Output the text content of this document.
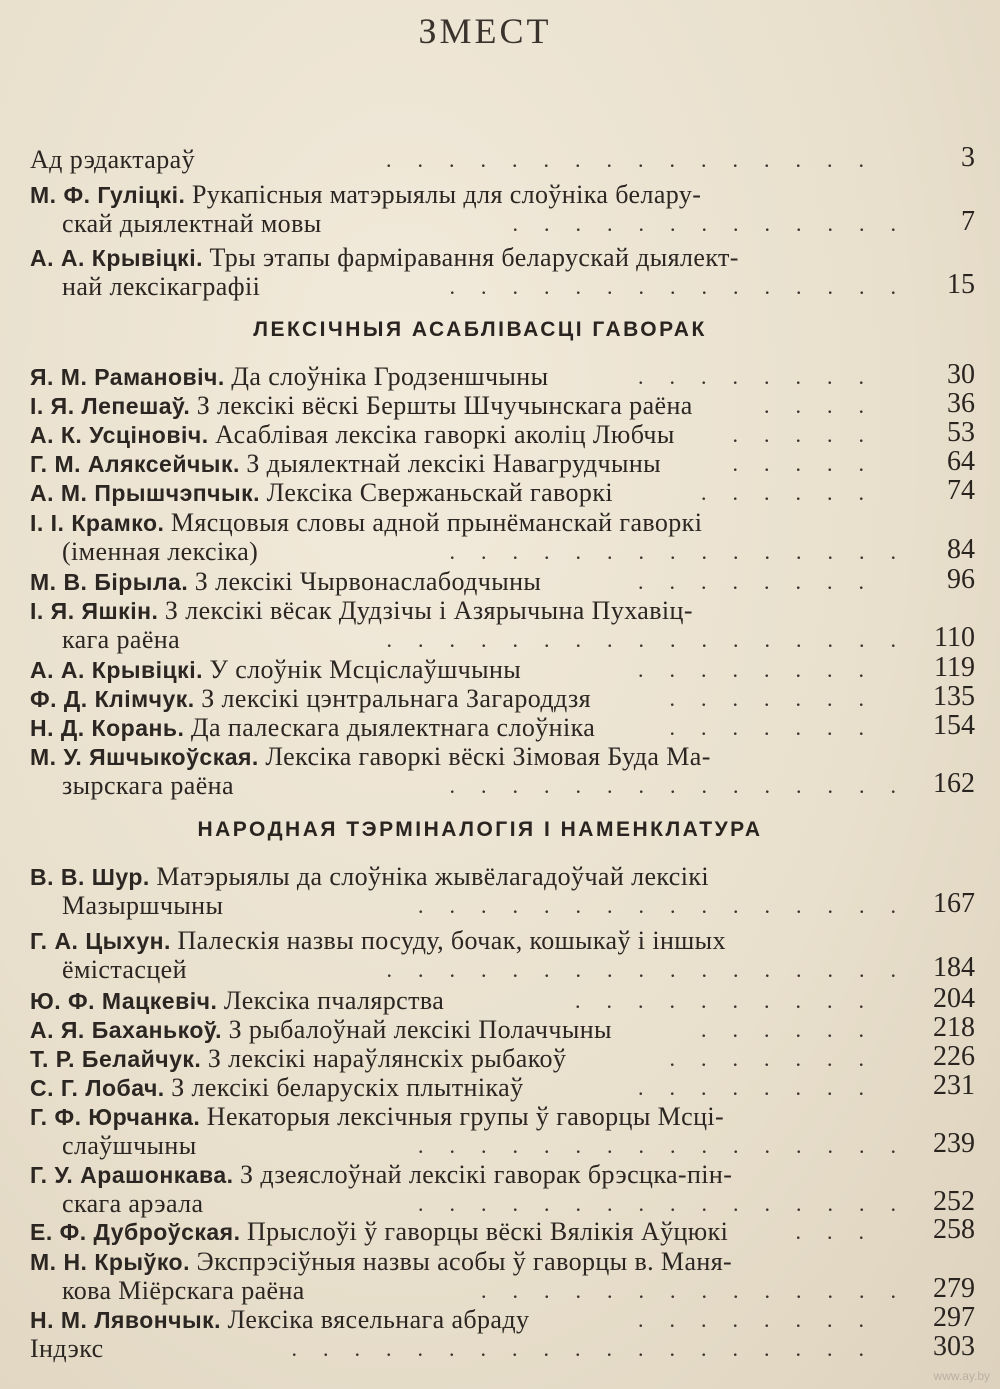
ЗМЕСТ
Ад рэдактараў	................	3
М. Ф. Гуліцкі. Рукапісныя матэрыялы для слоўніка белару-
скай дыялектнай мовы	.............	7
А. А. Крывіцкі. Тры этапы фарміравання беларускай дыялект-
най лексікаграфіі	............... 15
ЛЕКСІЧНЫЯ АСАБЛІВАСЦІ ГАВОРАК
Я. М. Рамановіч. Да слоўніка Гродзеншчыны	........	30
І. Я. Лепешаў. З лексікі вёскі Бершты Шчучынскага раёна	....	36
А. К. Усціновіч. Асаблівая лексіка гаворкі аколіц Любчы	.....	53
Г. М. Аляксейчык. З дыялектнай лексікі Навагрудчыны	.....	64
А. М. Прышчэпчык. Лексіка Свержаньскай гаворкі	......	74
І. І. Крамко. Мясцовыя словы адной прынёманскай гаворкі
(іменная лексіка)	............... 84
М. В. Бірыла. З лексікі Чырвонаслабодчыны	........	96
І. Я. Яшкін. З лексікі вёсак Дудзічы і Азярычына Пухавіц-
кага раёна	................. 110
А. А. Крывіцкі. У слоўнік Мсціслаўшчыны	........	119
Ф. Д. Клімчук. З лексікі цэнтральнага Загароддзя	.......	135
Н. Д. Корань. Да палескага дыялектнага слоўніка	.......	154
М. У. Яшчыкоўская. Лексіка гаворкі вёскі Зімовая Буда Ма-
зырскага раёна	............... 162
НАРОДНАЯ ТЭРМІНАЛОГІЯ І НАМЕНКЛАТУРА
В. В. Шур. Матэрыялы да слоўніка жывёлагадоўчай лексікі
Мазыршчыны	................ 167
Г. А. Цыхун. Палескія назвы посуду, бочак, кошыкаў і іншых
ёмістасцей	................. 184
Ю. Ф. Мацкевіч. Лексіка пчалярства	..........	204
А. Я. Баханькоў. З рыбалоўнай лексікі Полаччыны	......	218
Т. Р. Белайчук. З лексікі нараўлянскіх рыбакоў	.......	226
С. Г. Лобач. З лексікі беларускіх плытнікаў	........	231
Г. Ф. Юрчанка. Некаторыя лексічныя групы ў гаворцы Мсці-
слаўшчыны	................ 239
Г. У. Арашонкава. З дзеяслоўнай лексікі гаворак брэсцка-пін-
скага арэала	................ 252
Е. Ф. Дуброўская. Прыслоўі ў гаворцы вёскі Вялікія Аўцюкі	...	258
М. Н. Крыўко. Экспрэсіўныя назвы асобы ў гаворцы в. Маня-
кова Міёрскага раёна	.............. 279
Н. М. Лявончык. Лексіка вясельнага абраду	........	297
Індэкс	...................	303
www.ay.by
